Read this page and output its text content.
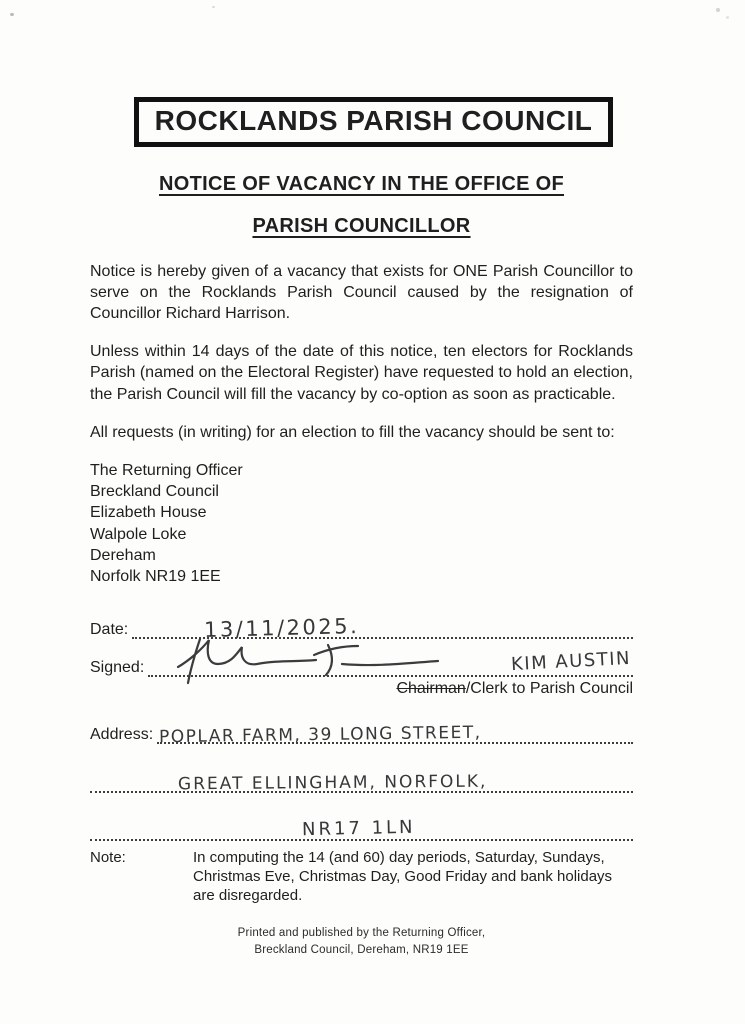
ROCKLANDS PARISH COUNCIL
NOTICE OF VACANCY IN THE OFFICE OF
PARISH COUNCILLOR
Notice is hereby given of a vacancy that exists for ONE Parish Councillor to serve on the Rocklands Parish Council caused by the resignation of Councillor Richard Harrison.
Unless within 14 days of the date of this notice, ten electors for Rocklands Parish (named on the Electoral Register) have requested to hold an election, the Parish Council will fill the vacancy by co-option as soon as practicable.
All requests (in writing) for an election to fill the vacancy should be sent to:
The Returning Officer
Breckland Council
Elizabeth House
Walpole Loke
Dereham
Norfolk NR19 1EE
Date:	13/11/2025.
Signed:	KIM AUSTIN
Chairman/Clerk to Parish Council
Address: POPLAR FARM, 39 LONG STREET,
GREAT ELLINGHAM, NORFOLK,
NR17 1LN
Note:	In computing the 14 (and 60) day periods, Saturday, Sundays, Christmas Eve, Christmas Day, Good Friday and bank holidays are disregarded.
Printed and published by the Returning Officer,
Breckland Council, Dereham, NR19 1EE
